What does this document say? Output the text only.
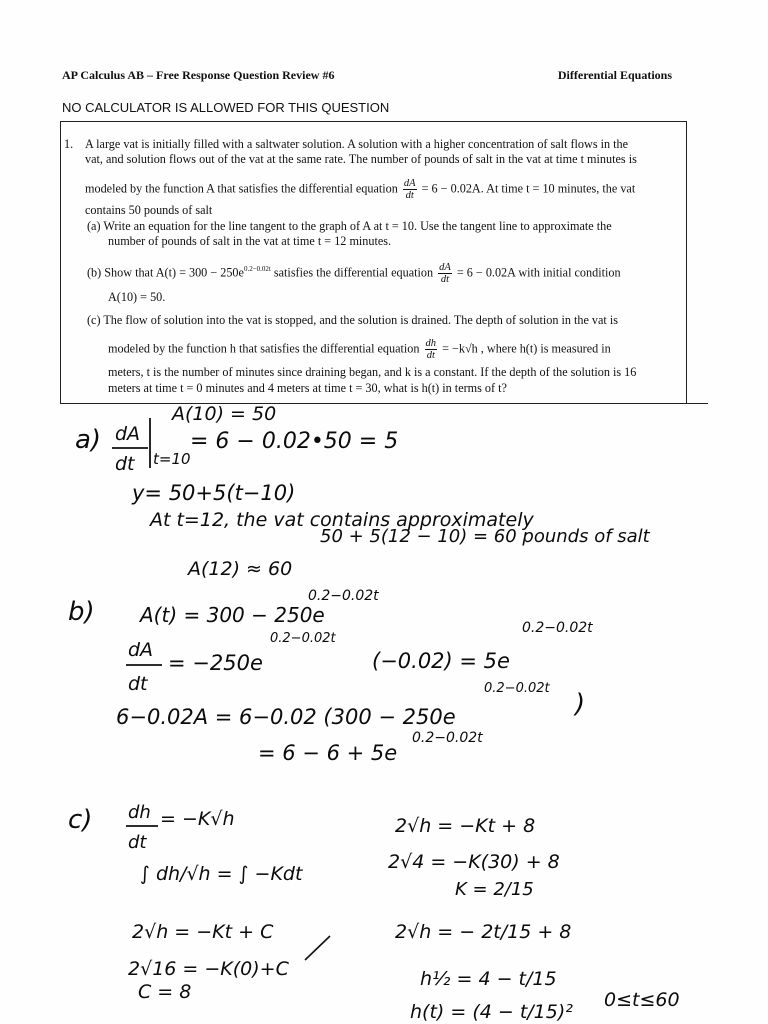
AP Calculus AB – Free Response Question Review #6	Differential Equations
NO CALCULATOR IS ALLOWED FOR THIS QUESTION
1. A large vat is initially filled with a saltwater solution. A solution with a higher concentration of salt flows in the
vat, and solution flows out of the vat at the same rate. The number of pounds of salt in the vat at time t minutes is
modeled by the function A that satisfies the differential equation $\frac{dA}{dt} = 6 - 0.02A$. At time t = 10 minutes, the vat
contains 50 pounds of salt
(a) Write an equation for the line tangent to the graph of A at t = 10. Use the tangent line to approximate the
number of pounds of salt in the vat at time t = 12 minutes.
(b) Show that $A(t) = 300 - 250e^{0.2-0.02t}$ satisfies the differential equation $\frac{dA}{dt} = 6 - 0.02A$ with initial condition
A(10) = 50.
(c) The flow of solution into the vat is stopped, and the solution is drained. The depth of solution in the vat is
modeled by the function h that satisfies the differential equation $\frac{dh}{dt} = -k√h$ , where h(t) is measured in
meters, t is the number of minutes since draining began, and k is a constant. If the depth of the solution is 16
meters at time t = 0 minutes and 4 meters at time t = 30, what is h(t) in terms of t?
a)
A(10) = 50
dA
dt t=10
= 6 − 0.02•50 = 5
y= 50+5(t−10)
At t=12, the vat contains approximately
50 + 5(12 − 10) = 60 pounds of salt
A(12) ≈ 60
b)
0.2−0.02t
A(t) = 300 − 250e
0.2−0.02t
0.2−0.02t
dA
dt
= −250e	(−0.02) = 5e
0.2−0.02t
6−0.02A = 6−0.02 (300 − 250e	)
0.2−0.02t
= 6 − 6 + 5e
c) dh
dt
= −K√h
∫ dh/√h = ∫ −Kdt
2√h = −Kt + C
2√16 = −K(0)+C
C = 8
2√h = −Kt + 8
2√4 = −K(30) + 8
K = 2/15
2√h = − 2t/15 + 8
h½ = 4 − t/15
h(t) = (4 − t/15)²
0≤t≤60
